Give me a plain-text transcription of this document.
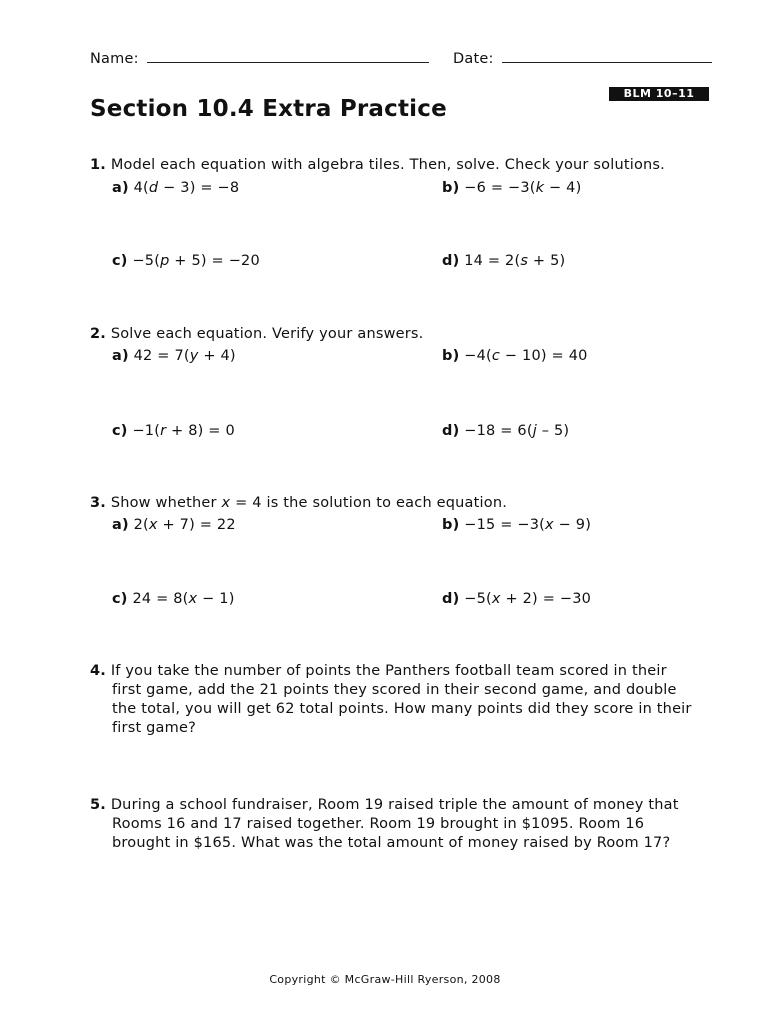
Name:	Date:
BLM 10–11
Section 10.4 Extra Practice
1. Model each equation with algebra tiles. Then, solve. Check your solutions.
a) 4(d − 3) = −8	b) −6 = −3(k − 4)
c) −5(p + 5) = −20	d) 14 = 2(s + 5)
2. Solve each equation. Verify your answers.
a) 42 = 7(y + 4)	b) −4(c − 10) = 40
c) −1(r + 8) = 0	d) −18 = 6(j – 5)
3. Show whether x = 4 is the solution to each equation.
a) 2(x + 7) = 22	b) −15 = −3(x − 9)
c) 24 = 8(x − 1)	d) −5(x + 2) = −30
4. If you take the number of points the Panthers football team scored in their
first game, add the 21 points they scored in their second game, and double
the total, you will get 62 total points. How many points did they score in their
first game?
5. During a school fundraiser, Room 19 raised triple the amount of money that
Rooms 16 and 17 raised together. Room 19 brought in $1095. Room 16
brought in $165. What was the total amount of money raised by Room 17?
Copyright © McGraw-Hill Ryerson, 2008
